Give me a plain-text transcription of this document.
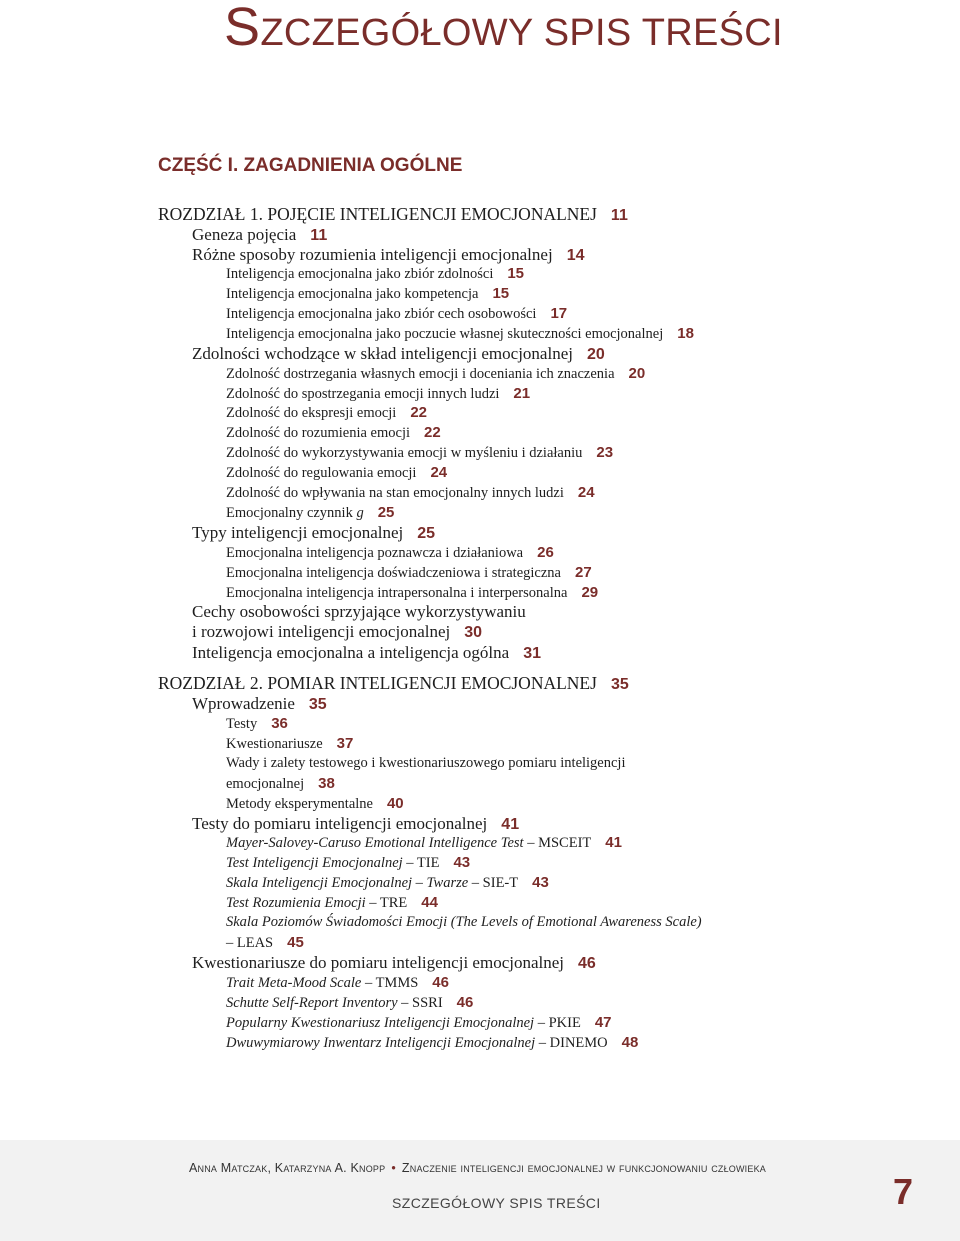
SZCZEGÓŁOWY SPIS TREŚCI
CZĘŚĆ I. ZAGADNIENIA OGÓLNE
ROZDZIAŁ 1. POJĘCIE INTELIGENCJI EMOCJONALNEJ 11
Geneza pojęcia 11
Różne sposoby rozumienia inteligencji emocjonalnej 14
Inteligencja emocjonalna jako zbiór zdolności 15
Inteligencja emocjonalna jako kompetencja 15
Inteligencja emocjonalna jako zbiór cech osobowości 17
Inteligencja emocjonalna jako poczucie własnej skuteczności emocjonalnej 18
Zdolności wchodzące w skład inteligencji emocjonalnej 20
Zdolność dostrzegania własnych emocji i doceniania ich znaczenia 20
Zdolność do spostrzegania emocji innych ludzi 21
Zdolność do ekspresji emocji 22
Zdolność do rozumienia emocji 22
Zdolność do wykorzystywania emocji w myśleniu i działaniu 23
Zdolność do regulowania emocji 24
Zdolność do wpływania na stan emocjonalny innych ludzi 24
Emocjonalny czynnik g 25
Typy inteligencji emocjonalnej 25
Emocjonalna inteligencja poznawcza i działaniowa 26
Emocjonalna inteligencja doświadczeniowa i strategiczna 27
Emocjonalna inteligencja intrapersonalna i interpersonalna 29
Cechy osobowości sprzyjające wykorzystywaniu
i rozwojowi inteligencji emocjonalnej 30
Inteligencja emocjonalna a inteligencja ogólna 31
ROZDZIAŁ 2. POMIAR INTELIGENCJI EMOCJONALNEJ 35
Wprowadzenie 35
Testy 36
Kwestionariusze 37
Wady i zalety testowego i kwestionariuszowego pomiaru inteligencji
emocjonalnej 38
Metody eksperymentalne 40
Testy do pomiaru inteligencji emocjonalnej 41
Mayer-Salovey-Caruso Emotional Intelligence Test – MSCEIT 41
Test Inteligencji Emocjonalnej – TIE 43
Skala Inteligencji Emocjonalnej – Twarze – SIE-T 43
Test Rozumienia Emocji – TRE 44
Skala Poziomów Świadomości Emocji (The Levels of Emotional Awareness Scale)
– LEAS 45
Kwestionariusze do pomiaru inteligencji emocjonalnej 46
Trait Meta-Mood Scale – TMMS 46
Schutte Self-Report Inventory – SSRI 46
Popularny Kwestionariusz Inteligencji Emocjonalnej – PKIE 47
Dwuwymiarowy Inwentarz Inteligencji Emocjonalnej – DINEMO 48
Anna Matczak, Katarzyna A. Knopp • Znaczenie inteligencji emocjonalnej w funkcjonowaniu człowieka
SZCZEGÓŁOWY SPIS TREŚCI	7
